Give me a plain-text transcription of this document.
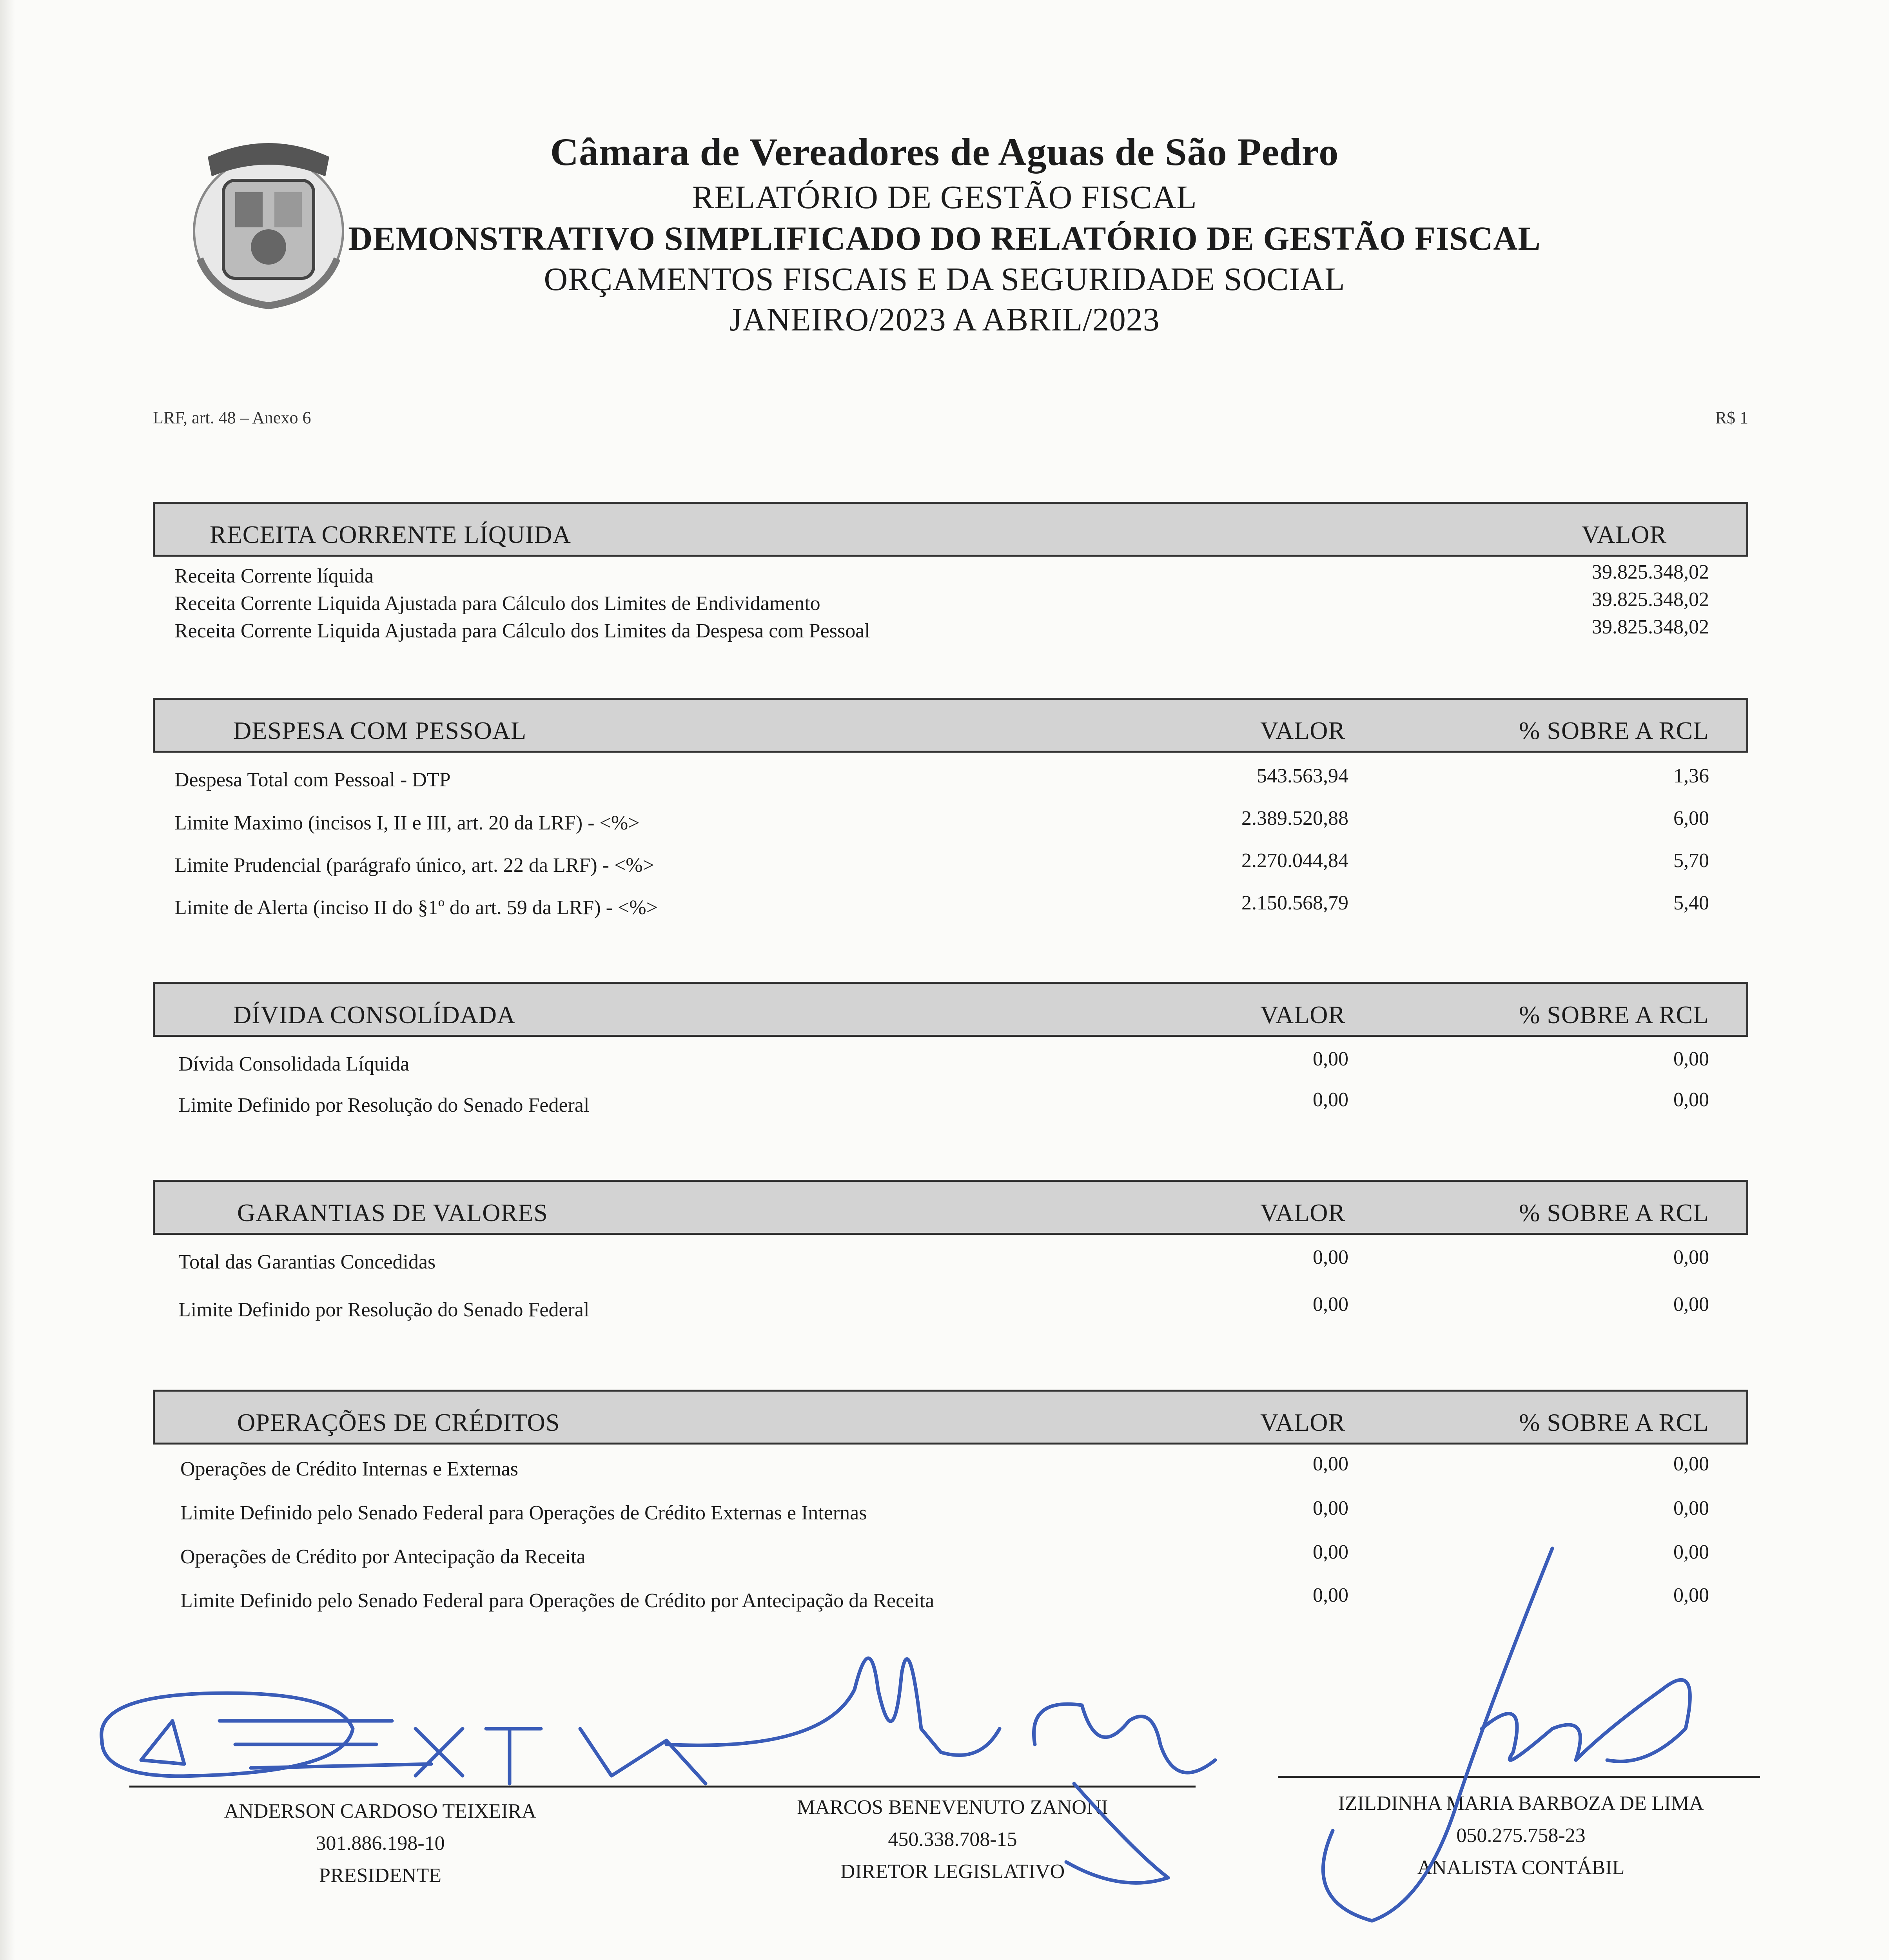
Câmara de Vereadores de Aguas de São Pedro
RELATÓRIO DE GESTÃO FISCAL
DEMONSTRATIVO SIMPLIFICADO DO RELATÓRIO DE GESTÃO FISCAL
ORÇAMENTOS FISCAIS E DA SEGURIDADE SOCIAL
JANEIRO/2023 A ABRIL/2023
LRF, art. 48 – Anexo 6	R$ 1
RECEITA CORRENTE LÍQUIDA	VALOR
Receita Corrente líquida	39.825.348,02
Receita Corrente Liquida Ajustada para Cálculo dos Limites de Endividamento	39.825.348,02
Receita Corrente Liquida Ajustada para Cálculo dos Limites da Despesa com Pessoal	39.825.348,02
DESPESA COM PESSOAL	VALOR	% SOBRE A RCL
Despesa Total com Pessoal - DTP	543.563,94	1,36
Limite Maximo (incisos I, II e III, art. 20 da LRF) - <%>	2.389.520,88	6,00
Limite Prudencial (parágrafo único, art. 22 da LRF) - <%>	2.270.044,84	5,70
Limite de Alerta (inciso II do §1º do art. 59 da LRF) - <%>	2.150.568,79	5,40
DÍVIDA CONSOLÍDADA	VALOR	% SOBRE A RCL
Dívida Consolidada Líquida	0,00	0,00
Limite Definido por Resolução do Senado Federal	0,00	0,00
GARANTIAS DE VALORES	VALOR	% SOBRE A RCL
Total das Garantias Concedidas	0,00	0,00
Limite Definido por Resolução do Senado Federal	0,00	0,00
OPERAÇÕES DE CRÉDITOS	VALOR	% SOBRE A RCL
Operações de Crédito Internas e Externas	0,00	0,00
Limite Definido pelo Senado Federal para Operações de Crédito Externas e Internas	0,00	0,00
Operações de Crédito por Antecipação da Receita	0,00	0,00
Limite Definido pelo Senado Federal para Operações de Crédito por Antecipação da Receita	0,00	0,00
ANDERSON CARDOSO TEIXEIRA
301.886.198-10
PRESIDENTE
MARCOS BENEVENUTO ZANONI
450.338.708-15
DIRETOR LEGISLATIVO
IZILDINHA MARIA BARBOZA DE LIMA
050.275.758-23
ANALISTA CONTÁBIL
